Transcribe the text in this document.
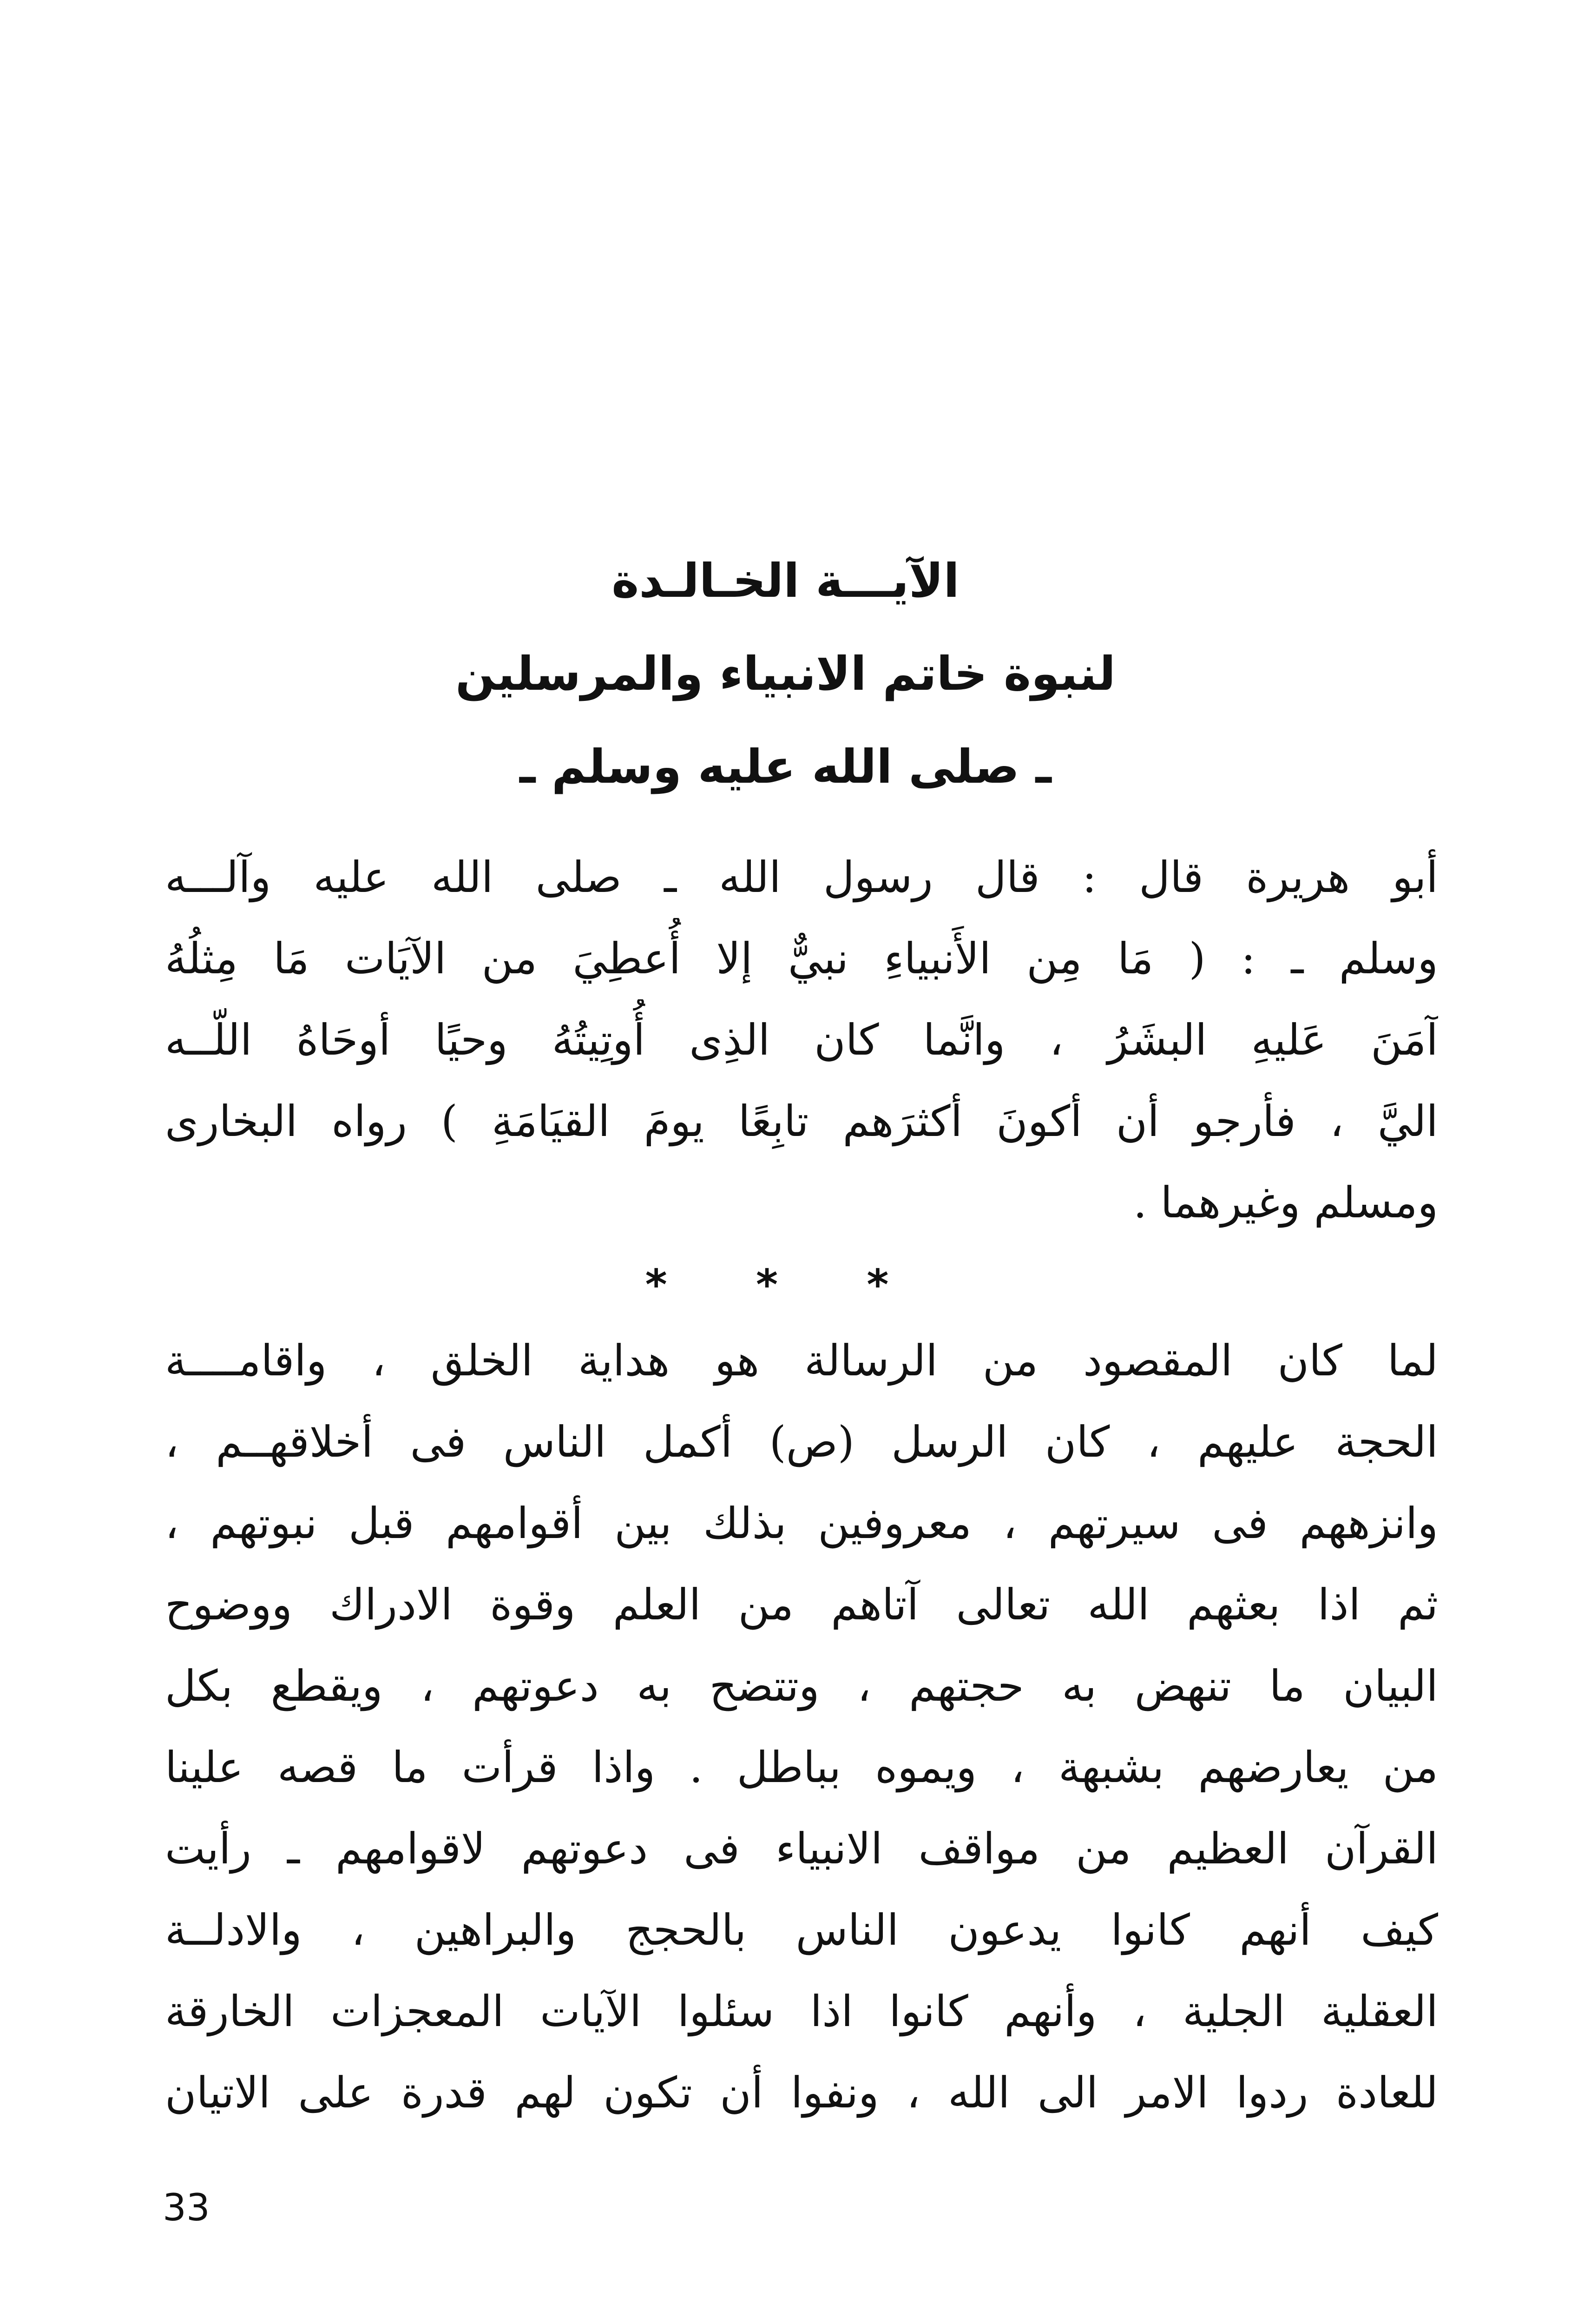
الآيـــة الخـالـدة
لنبوة خاتم الانبياء والمرسلين
ـ صلى الله عليه وسلم ـ
أبو هريرة قال : قال رسول الله ـ صلى الله عليه وآلـــه
وسلم ـ : ( مَا مِن الأَنبياءِ نبيٌّ إلا أُعطِيَ من الآيَات مَا مِثلُهُ
آمَنَ عَليهِ البشَرُ ، وانَّما كان الذِى أُوتِيتُهُ وحيًا أوحَاهُ اللّــه
اليَّ ، فأرجو أن أكونَ أكثرَهم تابِعًا يومَ القيَامَةِ ) رواه البخارى
ومسلم وغيرهما .
* * *
لما كان المقصود من الرسالة هو هداية الخلق ، واقامــــة
الحجة عليهم ، كان الرسل (ص) أكمل الناس فى أخلاقهــم ،
وانزههم فى سيرتهم ، معروفين بذلك بين أقوامهم قبل نبوتهم ،
ثم اذا بعثهم الله تعالى آتاهم من العلم وقوة الادراك ووضوح
البيان ما تنهض به حجتهم ، وتتضح به دعوتهم ، ويقطع بكل
من يعارضهم بشبهة ، ويموه بباطل . واذا قرأت ما قصه علينا
القرآن العظيم من مواقف الانبياء فى دعوتهم لاقوامهم ـ رأيت
كيف أنهم كانوا يدعون الناس بالحجج والبراهين ، والادلــة
العقلية الجلية ، وأنهم كانوا اذا سئلوا الآيات المعجزات الخارقة
للعادة ردوا الامر الى الله ، ونفوا أن تكون لهم قدرة على الاتيان
33
